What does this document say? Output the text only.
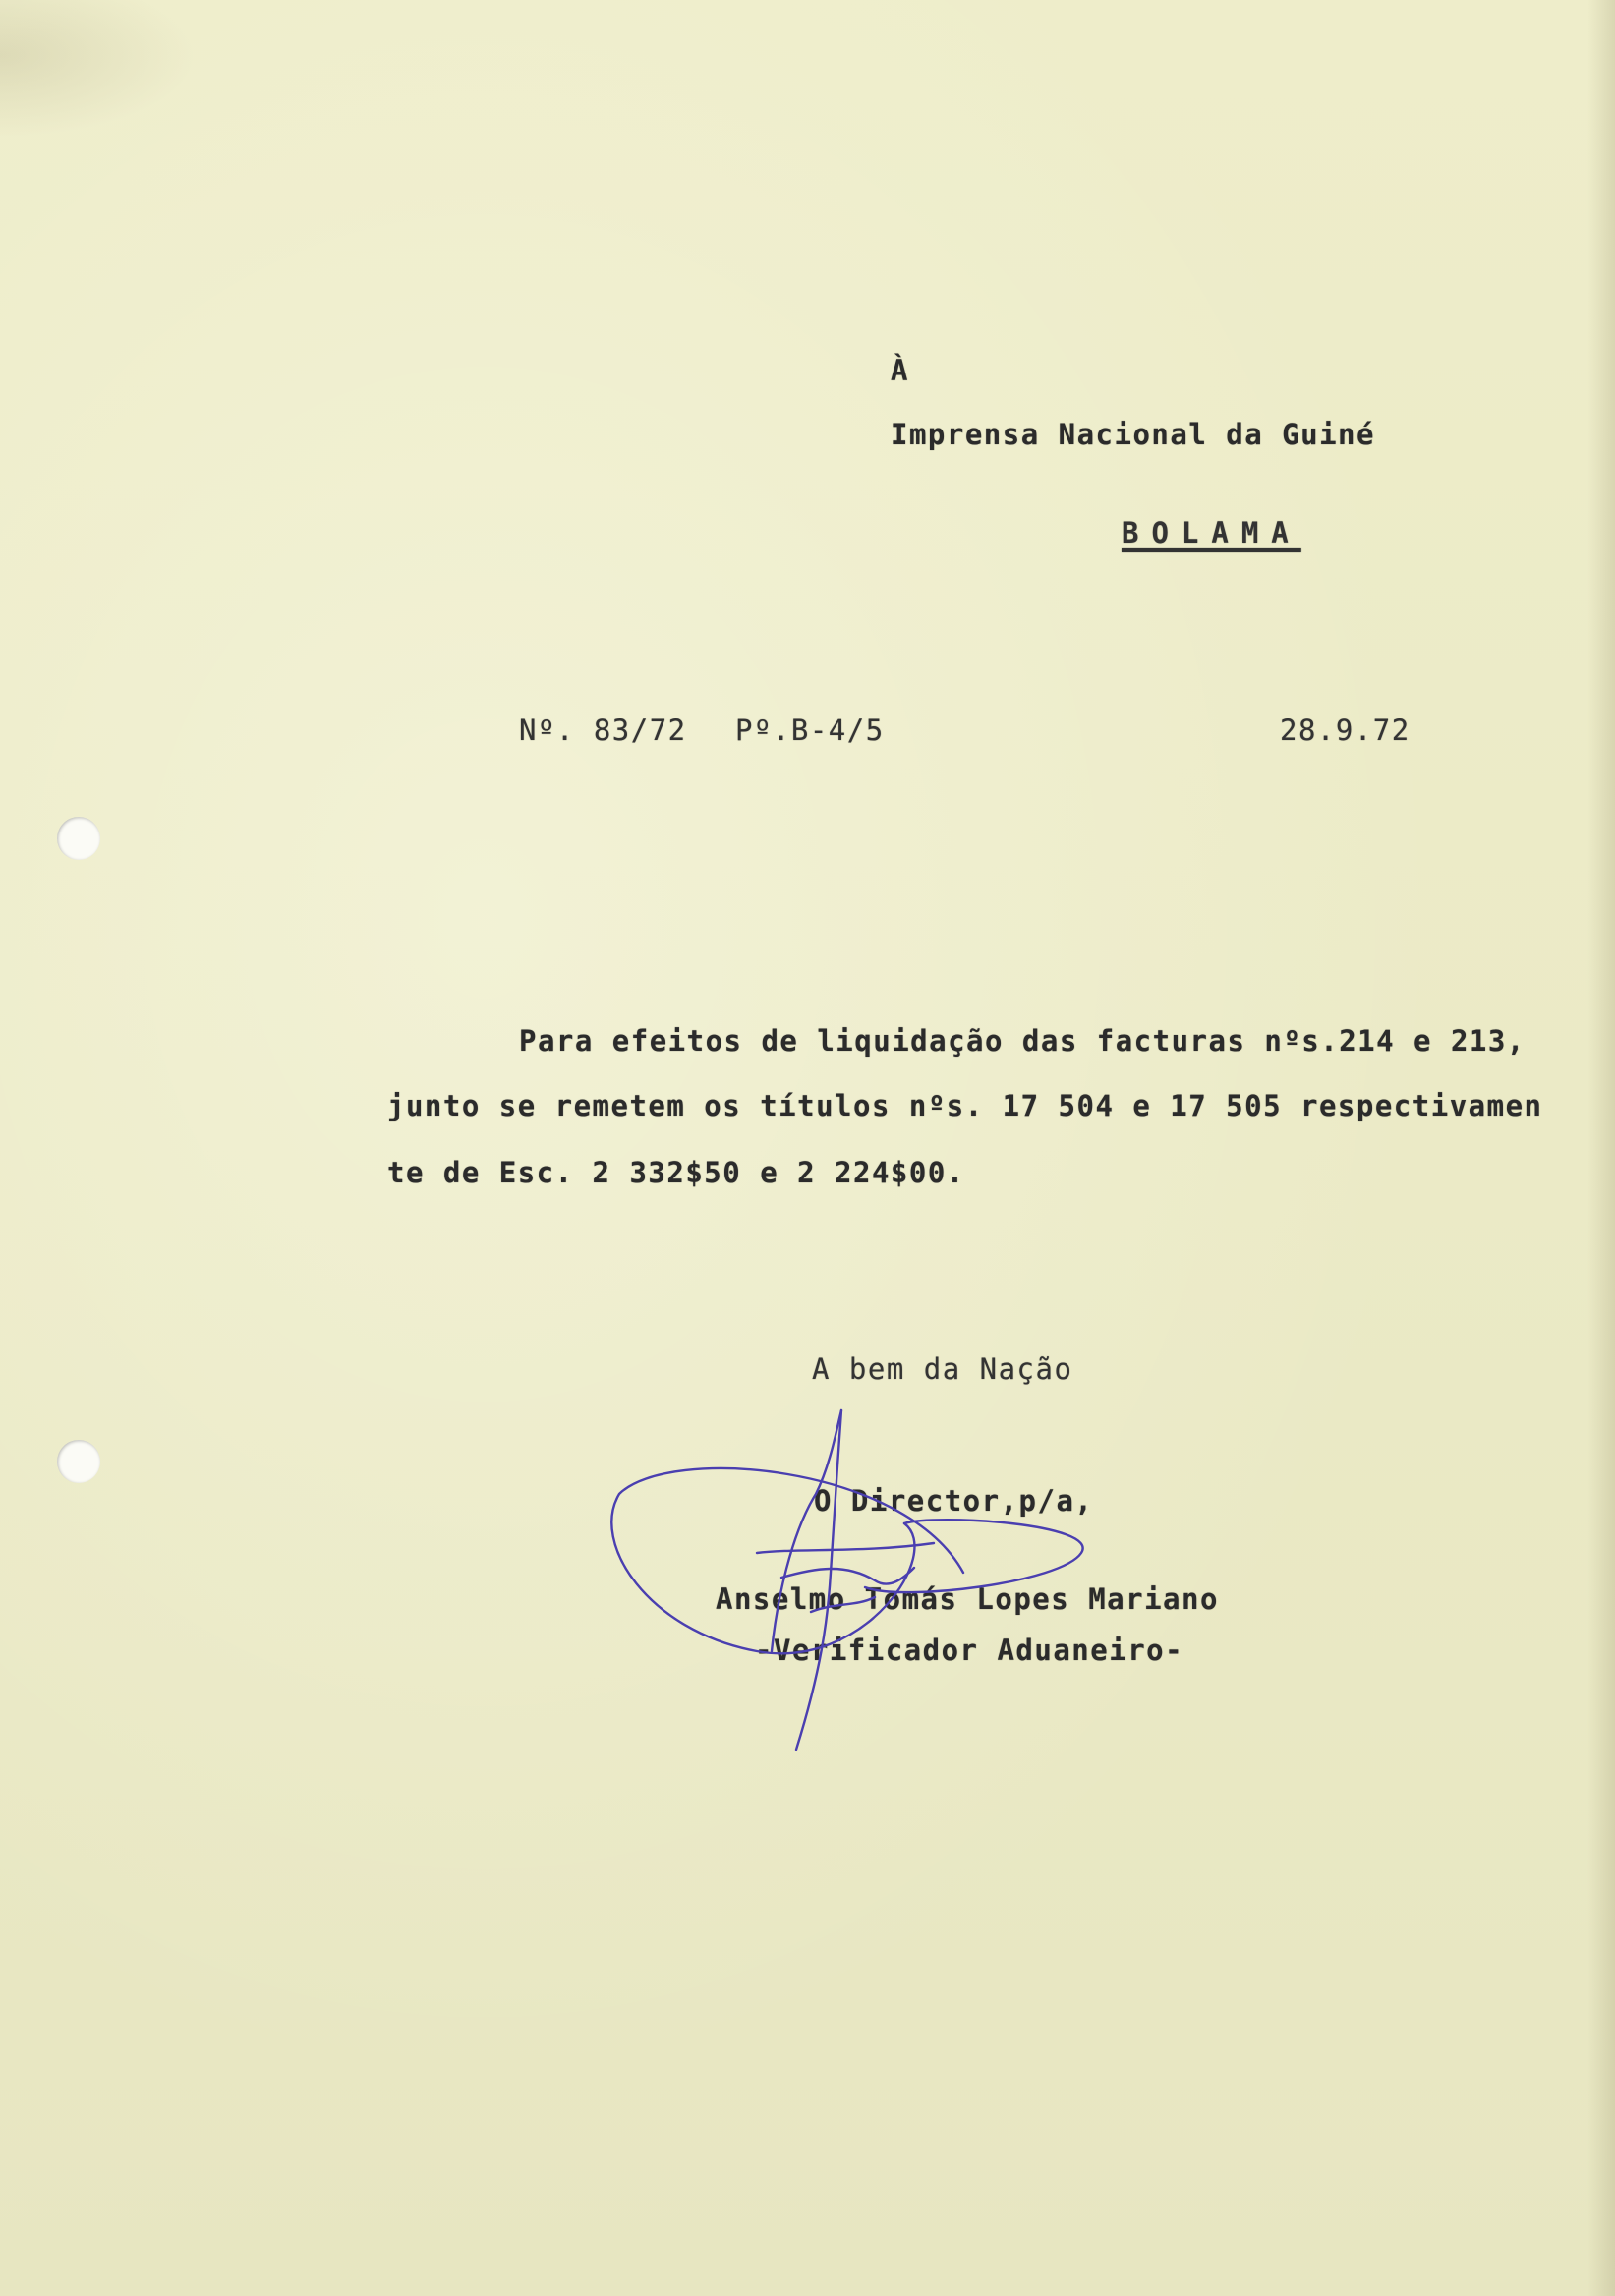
À
Imprensa Nacional da Guiné
BOLAMA
Nº. 83/72 Pº.B-4/5	28.9.72
Para efeitos de liquidação das facturas nºs.214 e 213,
junto se remetem os títulos nºs. 17 504 e 17 505 respectivamen
te de Esc. 2 332$50 e 2 224$00.
A bem da Nação
O Director,p/a,
Anselmo Tomás Lopes Mariano
-Verificador Aduaneiro-
